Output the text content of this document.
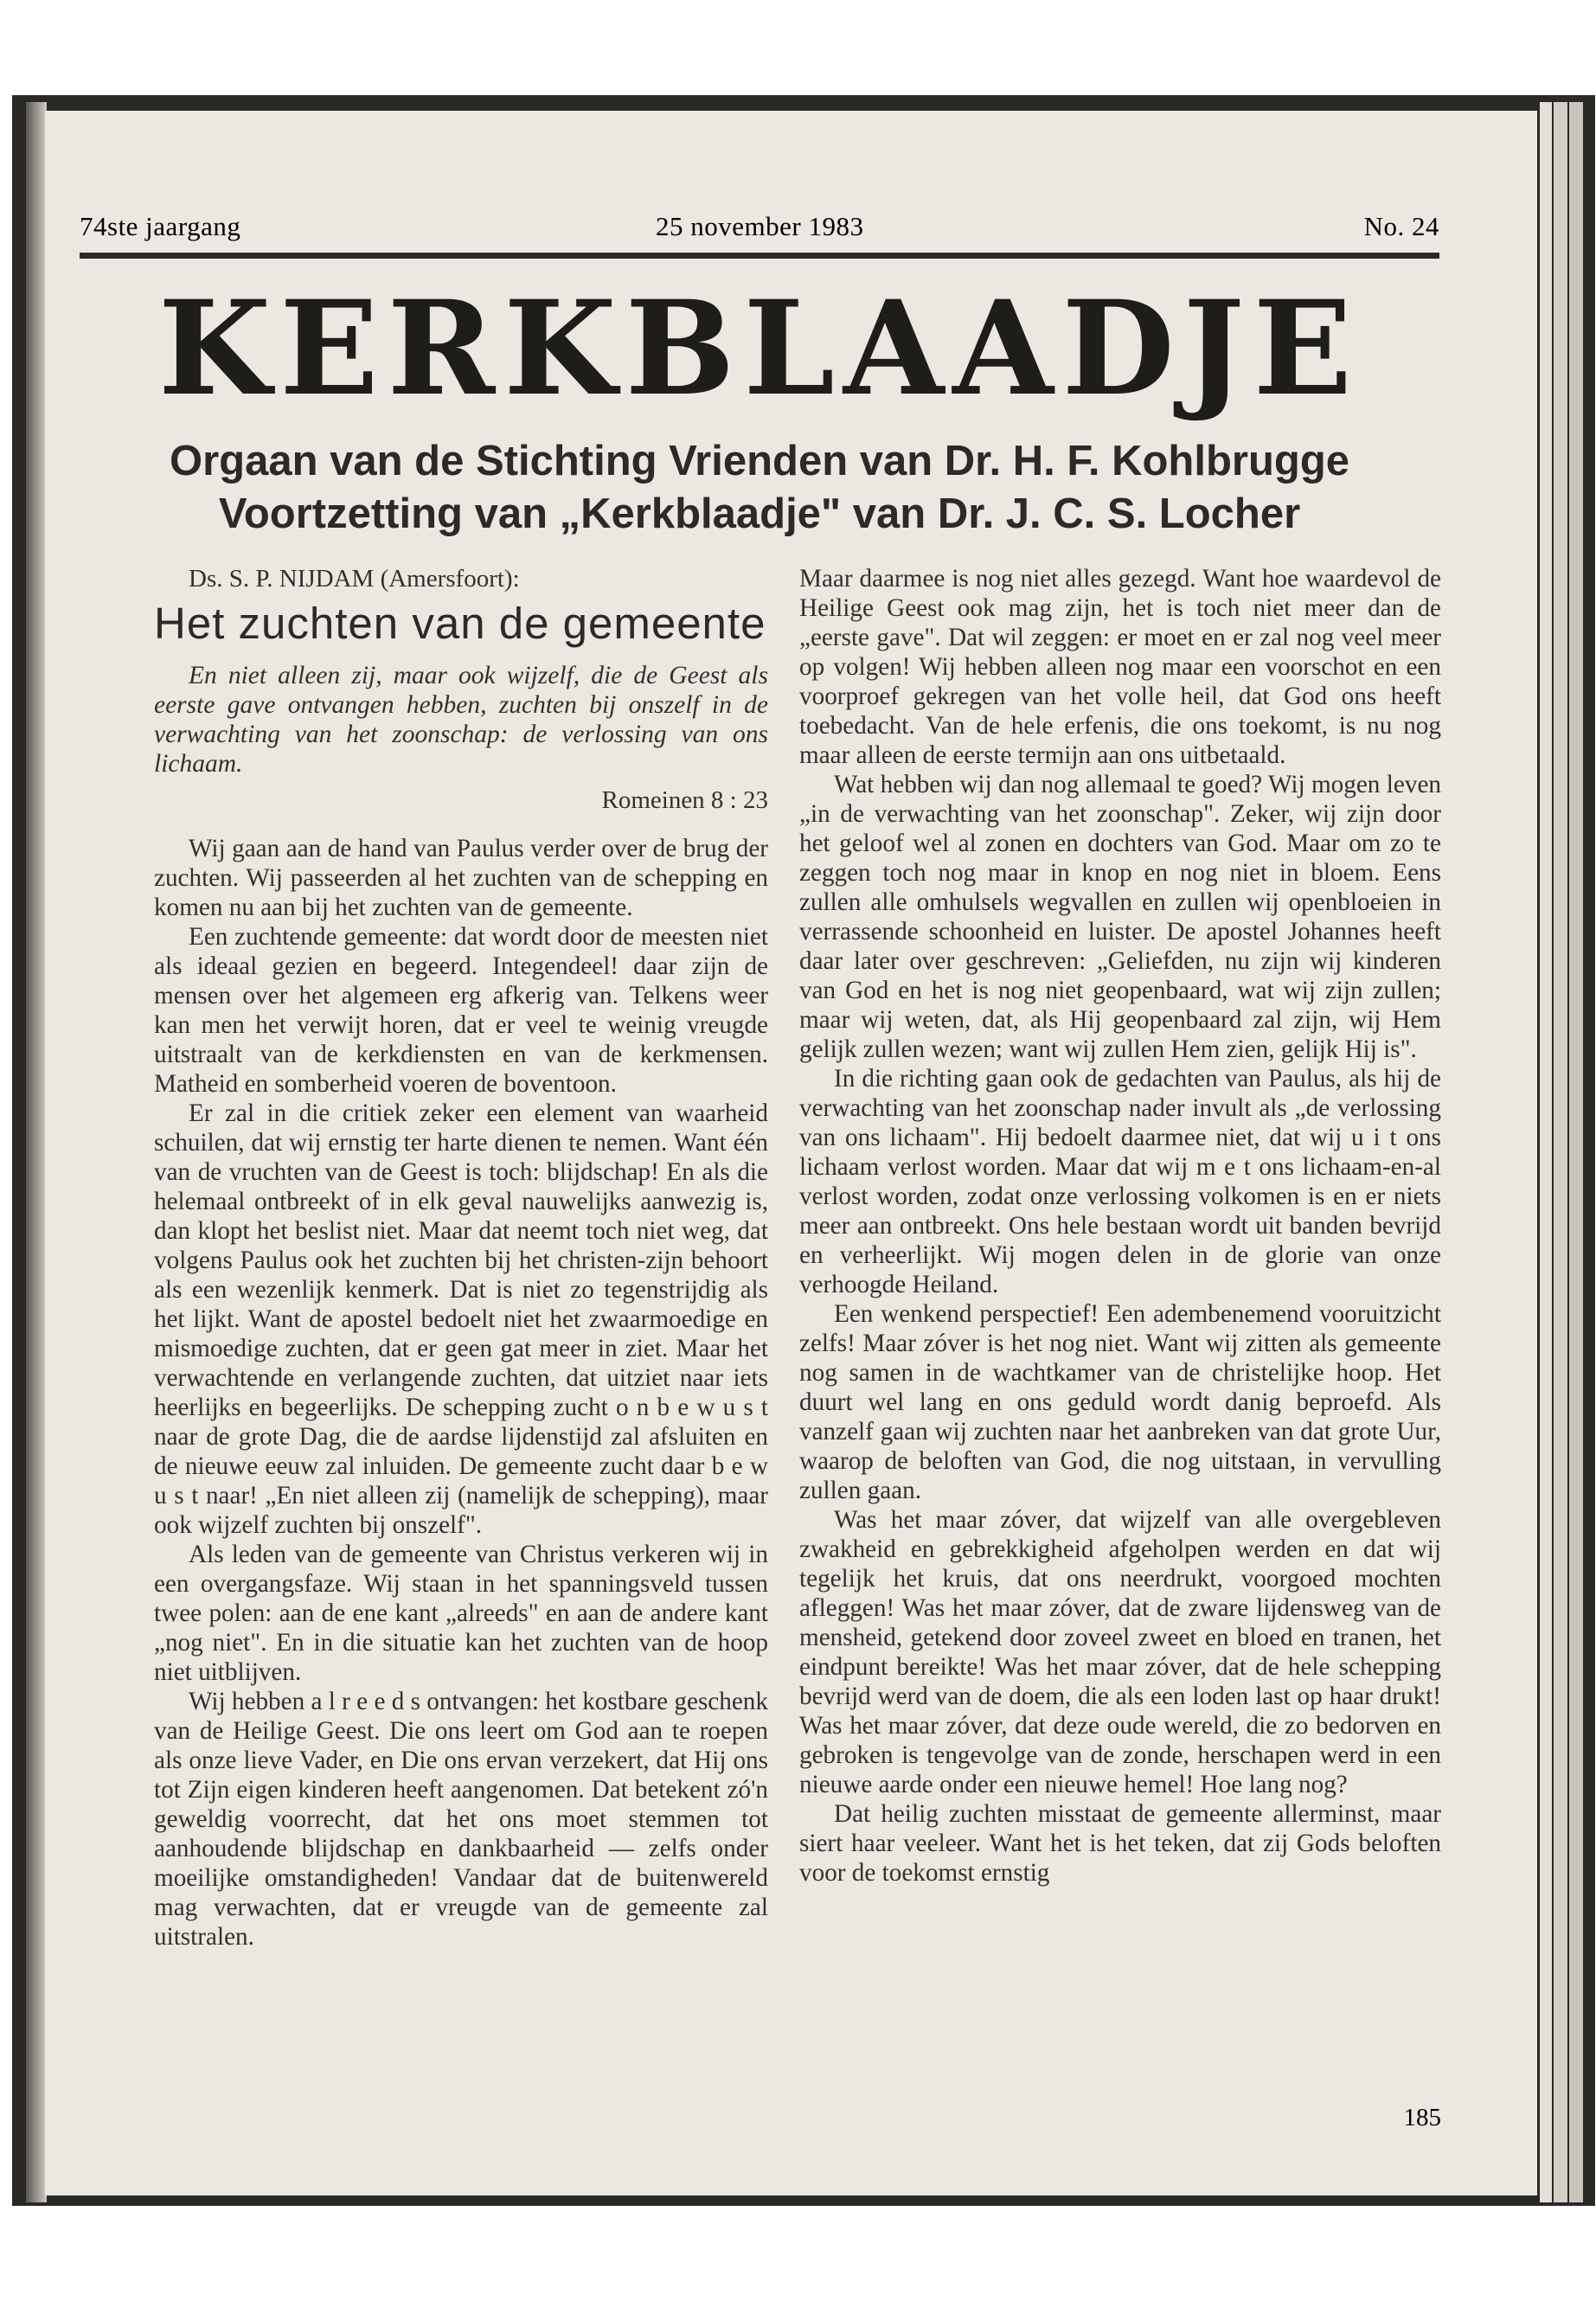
74ste jaargang	25 november 1983	No. 24
KERKBLAADJE
Orgaan van de Stichting Vrienden van Dr. H. F. Kohlbrugge
Voortzetting van „Kerkblaadje" van Dr. J. C. S. Locher

Ds. S. P. NIJDAM (Amersfoort):

Het zuchten van de gemeente

En niet alleen zij, maar ook wijzelf, die de Geest als eerste gave ontvangen hebben, zuchten bij onszelf in de verwachting van het zoonschap: de verlossing van ons lichaam.

Romeinen 8 : 23

Wij gaan aan de hand van Paulus verder over de brug der zuchten. Wij passeerden al het zuchten van de schepping en komen nu aan bij het zuchten van de gemeente.

Een zuchtende gemeente: dat wordt door de meesten niet als ideaal gezien en begeerd. Integendeel! daar zijn de mensen over het algemeen erg afkerig van. Telkens weer kan men het verwijt horen, dat er veel te weinig vreugde uitstraalt van de kerkdiensten en van de kerkmensen. Matheid en somberheid voeren de boventoon.

Er zal in die critiek zeker een element van waarheid schuilen, dat wij ernstig ter harte dienen te nemen. Want één van de vruchten van de Geest is toch: blijdschap! En als die helemaal ontbreekt of in elk geval nauwelijks aanwezig is, dan klopt het beslist niet. Maar dat neemt toch niet weg, dat volgens Paulus ook het zuchten bij het christen-zijn behoort als een wezenlijk kenmerk. Dat is niet zo tegenstrijdig als het lijkt. Want de apostel bedoelt niet het zwaarmoedige en mismoedige zuchten, dat er geen gat meer in ziet. Maar het verwachtende en verlangende zuchten, dat uitziet naar iets heerlijks en begeerlijks. De schepping zucht o n b e w u s t naar de grote Dag, die de aardse lijdenstijd zal afsluiten en de nieuwe eeuw zal inluiden. De gemeente zucht daar b e w u s t naar! „En niet alleen zij (namelijk de schepping), maar ook wijzelf zuchten bij onszelf".

Als leden van de gemeente van Christus verkeren wij in een overgangsfaze. Wij staan in het spanningsveld tussen twee polen: aan de ene kant „alreeds" en aan de andere kant „nog niet". En in die situatie kan het zuchten van de hoop niet uitblijven.

Wij hebben a l r e e d s ontvangen: het kostbare geschenk van de Heilige Geest. Die ons leert om God aan te roepen als onze lieve Vader, en Die ons ervan verzekert, dat Hij ons tot Zijn eigen kinderen heeft aangenomen. Dat betekent zó'n geweldig voorrecht, dat het ons moet stemmen tot aanhoudende blijdschap en dankbaarheid — zelfs onder moeilijke omstandigheden! Vandaar dat de buitenwereld mag verwachten, dat er vreugde van de gemeente zal uitstralen.

Maar daarmee is nog niet alles gezegd. Want hoe waardevol de Heilige Geest ook mag zijn, het is toch niet meer dan de „eerste gave". Dat wil zeggen: er moet en er zal nog veel meer op volgen! Wij hebben alleen nog maar een voorschot en een voorproef gekregen van het volle heil, dat God ons heeft toebedacht. Van de hele erfenis, die ons toekomt, is nu nog maar alleen de eerste termijn aan ons uitbetaald.

Wat hebben wij dan nog allemaal te goed? Wij mogen leven „in de verwachting van het zoonschap". Zeker, wij zijn door het geloof wel al zonen en dochters van God. Maar om zo te zeggen toch nog maar in knop en nog niet in bloem. Eens zullen alle omhulsels wegvallen en zullen wij openbloeien in verrassende schoonheid en luister. De apostel Johannes heeft daar later over geschreven: „Geliefden, nu zijn wij kinderen van God en het is nog niet geopenbaard, wat wij zijn zullen; maar wij weten, dat, als Hij geopenbaard zal zijn, wij Hem gelijk zullen wezen; want wij zullen Hem zien, gelijk Hij is".

In die richting gaan ook de gedachten van Paulus, als hij de verwachting van het zoonschap nader invult als „de verlossing van ons lichaam". Hij bedoelt daarmee niet, dat wij u i t ons lichaam verlost worden. Maar dat wij m e t ons lichaam-en-al verlost worden, zodat onze verlossing volkomen is en er niets meer aan ontbreekt. Ons hele bestaan wordt uit banden bevrijd en verheerlijkt. Wij mogen delen in de glorie van onze verhoogde Heiland.

Een wenkend perspectief! Een adembenemend vooruitzicht zelfs! Maar zóver is het nog niet. Want wij zitten als gemeente nog samen in de wachtkamer van de christelijke hoop. Het duurt wel lang en ons geduld wordt danig beproefd. Als vanzelf gaan wij zuchten naar het aanbreken van dat grote Uur, waarop de beloften van God, die nog uitstaan, in vervulling zullen gaan.

Was het maar zóver, dat wijzelf van alle overgebleven zwakheid en gebrekkigheid afgeholpen werden en dat wij tegelijk het kruis, dat ons neerdrukt, voorgoed mochten afleggen! Was het maar zóver, dat de zware lijdensweg van de mensheid, getekend door zoveel zweet en bloed en tranen, het eindpunt bereikte! Was het maar zóver, dat de hele schepping bevrijd werd van de doem, die als een loden last op haar drukt! Was het maar zóver, dat deze oude wereld, die zo bedorven en gebroken is tengevolge van de zonde, herschapen werd in een nieuwe aarde onder een nieuwe hemel! Hoe lang nog?

Dat heilig zuchten misstaat de gemeente allerminst, maar siert haar veeleer. Want het is het teken, dat zij Gods beloften voor de toekomst ernstig

185
